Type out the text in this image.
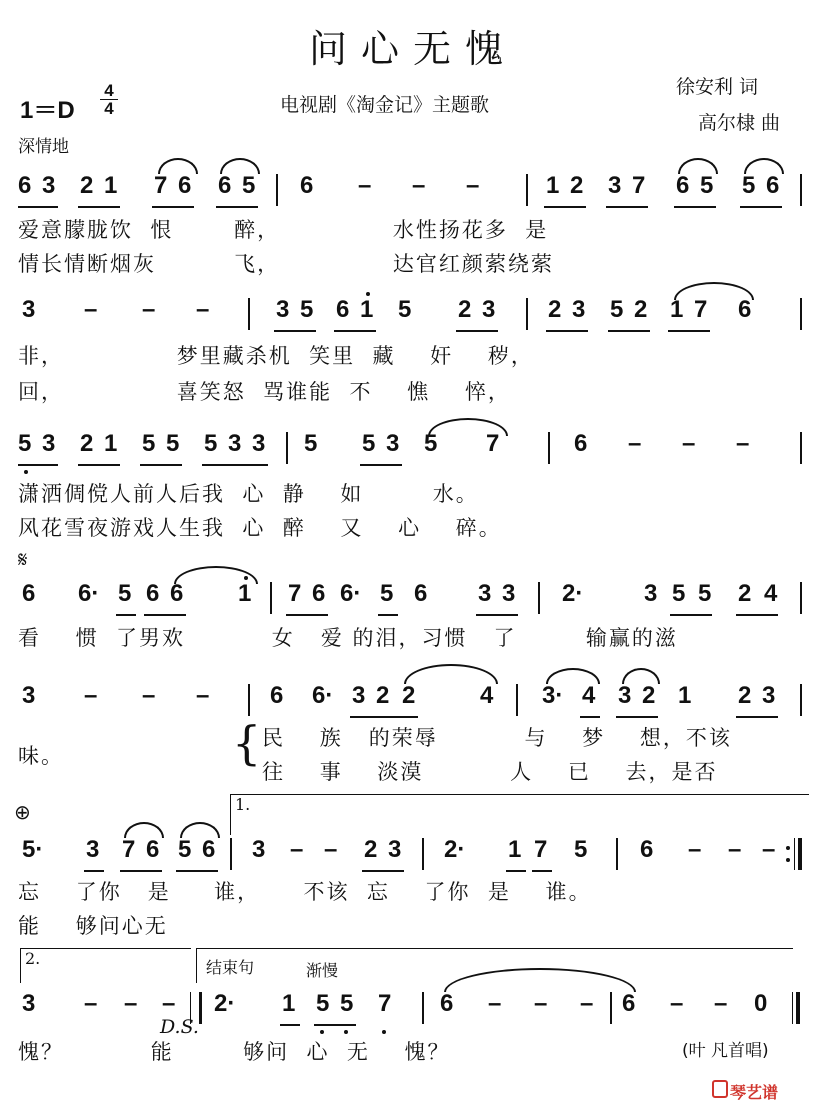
问心无愧
1＝D
4
4	电视剧《淘金记》主题歌
徐安利 词
高尔棣 曲
深情地
6 3 2 1 7 6 6 5 6 – – –	1 2 3 7 6 5 5 6
爱意朦胧饮  恨       醉，             水性扬花多  是
情长情断烟灰         飞，             达官红颜萦绕萦
3 – – –	3 5 6 1 5 2 3 2 3 5 2 1 7 6
非，             梦里藏杀机  笑里  藏    奸    秽，
回，             喜笑怒  骂谁能  不    憔    悴，
5 3 2 1 5 5 5 3 3 5 5 3 5 7	6 – – –
潇洒倜傥人前人后我  心  静    如        水。
风花雪夜游戏人生我  心  醉    又    心    碎。
𝄋
6 6· 5 6 6 1 7 6 6· 5 6 3 3 2·	3 5 5 2 4
看    惯  了男欢          女   爱 的泪，习惯   了        输赢的滋
3 – – –	6 6· 3 2 2	4 3· 4 3 2 1 2 3
味。	{ 民    族   的荣辱          与    梦    想，不该
往    事    淡漠          人    已    去，是否
⊕	1.
5· 3 7 6 5 6 3 – – 2 3 2· 1 7 5 6 – – –
忘    了你   是     谁，     不该  忘    了你  是    谁。
能    够问心无
2.	结束句	渐慢
3 – – – 2· 1 5 5 7 6 – – – 6 – – 0
愧？          能        够问  心  无    愧？
D.S.
(叶 凡首唱)
琴艺谱
